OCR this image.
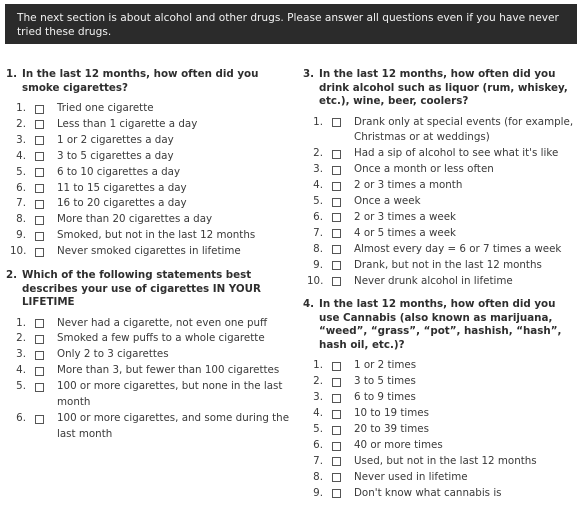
The next section is about alcohol and other drugs. Please answer all questions even if you have never tried these drugs.
1. In the last 12 months, how often did you smoke cigarettes?
1.	Tried one cigarette
2.	Less than 1 cigarette a day
3.	1 or 2 cigarettes a day
4.	3 to 5 cigarettes a day
5.	6 to 10 cigarettes a day
6.	11 to 15 cigarettes a day
7.	16 to 20 cigarettes a day
8.	More than 20 cigarettes a day
9.	Smoked, but not in the last 12 months
10.	Never smoked cigarettes in lifetime
2. Which of the following statements best describes your use of cigarettes IN YOUR LIFETIME
1.	Never had a cigarette, not even one puff
2.	Smoked a few puffs to a whole cigarette
3.	Only 2 to 3 cigarettes
4.	More than 3, but fewer than 100 cigarettes
5.	100 or more cigarettes, but none in the last month
6.	100 or more cigarettes, and some during the last month
3. In the last 12 months, how often did you drink alcohol such as liquor (rum, whiskey, etc.), wine, beer, coolers?
1.	Drank only at special events (for example, Christmas or at weddings)
2.	Had a sip of alcohol to see what it's like
3.	Once a month or less often
4.	2 or 3 times a month
5.	Once a week
6.	2 or 3 times a week
7.	4 or 5 times a week
8.	Almost every day = 6 or 7 times a week
9.	Drank, but not in the last 12 months
10.	Never drunk alcohol in lifetime
4. In the last 12 months, how often did you use Cannabis (also known as marijuana, “weed”, “grass”, “pot”, hashish, “hash”, hash oil, etc.)?
1.	1 or 2 times
2.	3 to 5 times
3.	6 to 9 times
4.	10 to 19 times
5.	20 to 39 times
6.	40 or more times
7.	Used, but not in the last 12 months
8.	Never used in lifetime
9.	Don't know what cannabis is
